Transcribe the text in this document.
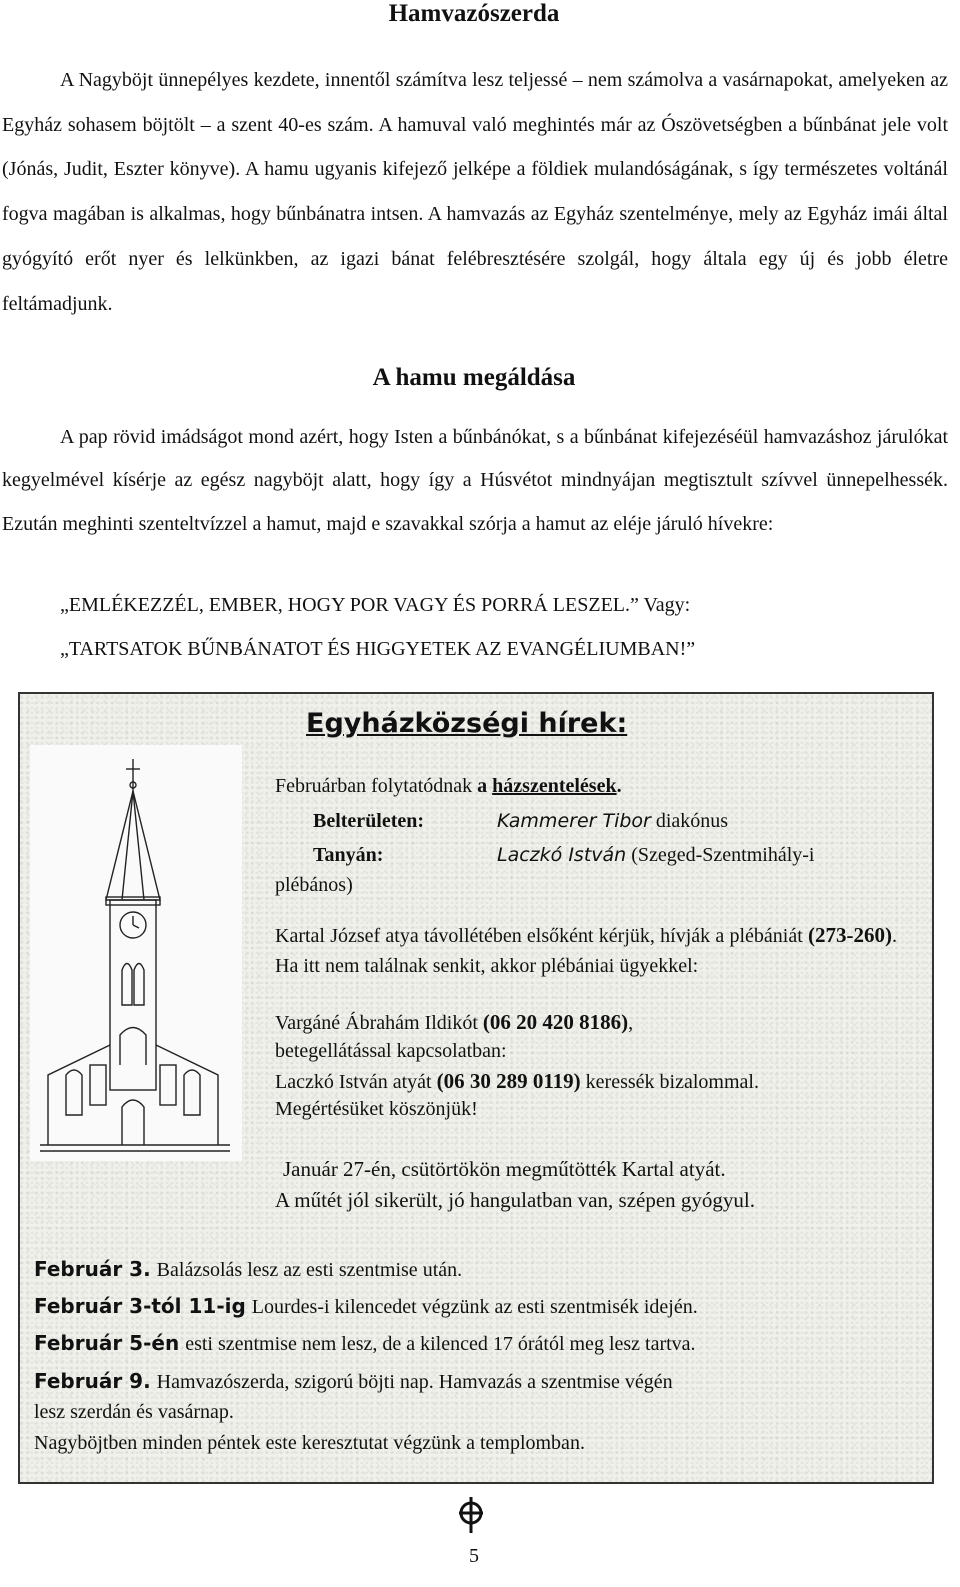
Hamvazószerda

A Nagyböjt ünnepélyes kezdete, innentől számítva lesz teljessé – nem számolva a vasárnapokat, amelyeken az Egyház sohasem böjtölt – a szent 40-es szám. A hamuval való meghintés már az Ószövetségben a bűnbánat jele volt (Jónás, Judit, Eszter könyve). A hamu ugyanis kifejező jelképe a földiek mulandóságának, s így természetes voltánál fogva magában is alkalmas, hogy bűnbánatra intsen. A hamvazás az Egyház szentelménye, mely az Egyház imái által gyógyító erőt nyer és lelkünkben, az igazi bánat felébresztésére szolgál, hogy általa egy új és jobb életre feltámadjunk.

A hamu megáldása

A pap rövid imádságot mond azért, hogy Isten a bűnbánókat, s a bűnbánat kifejezéséül hamvazáshoz járulókat kegyelmével kísérje az egész nagyböjt alatt, hogy így a Húsvétot mindnyájan megtisztult szívvel ünnepelhessék. Ezután meghinti szenteltvízzel a hamut, majd e szavakkal szórja a hamut az eléje járuló hívekre:

„EMLÉKEZZÉL, EMBER, HOGY POR VAGY ÉS PORRÁ LESZEL.” Vagy:

„TARTSATOK BŰNBÁNATOT ÉS HIGGYETEK AZ EVANGÉLIUMBAN!”

Egyházközségi hírek:

Februárban folytatódnak a házszentelések.

Belterületen:	Kammerer Tibor diakónus

Tanyán:	Laczkó István (Szeged-Szentmihály-i

plébános)

Kartal József atya távollétében elsőként kérjük, hívják a plébániát (273-260). Ha itt nem találnak senkit, akkor plébániai ügyekkel:

Vargáné Ábrahám Ildikót (06 20 420 8186),

betegellátással kapcsolatban:

Laczkó István atyát (06 30 289 0119) keressék bizalommal.

Megértésüket köszönjük!

Január 27-én, csütörtökön megműtötték Kartal atyát.

A műtét jól sikerült, jó hangulatban van, szépen gyógyul.

Február 3. Balázsolás lesz az esti szentmise után.

Február 3-tól 11-ig Lourdes-i kilencedet végzünk az esti szentmisék idején.

Február 5-én esti szentmise nem lesz, de a kilenced 17 órától meg lesz tartva.

Február 9. Hamvazószerda, szigorú böjti nap. Hamvazás a szentmise végén

lesz szerdán és vasárnap.

Nagyböjtben minden péntek este keresztutat végzünk a templomban.

5
